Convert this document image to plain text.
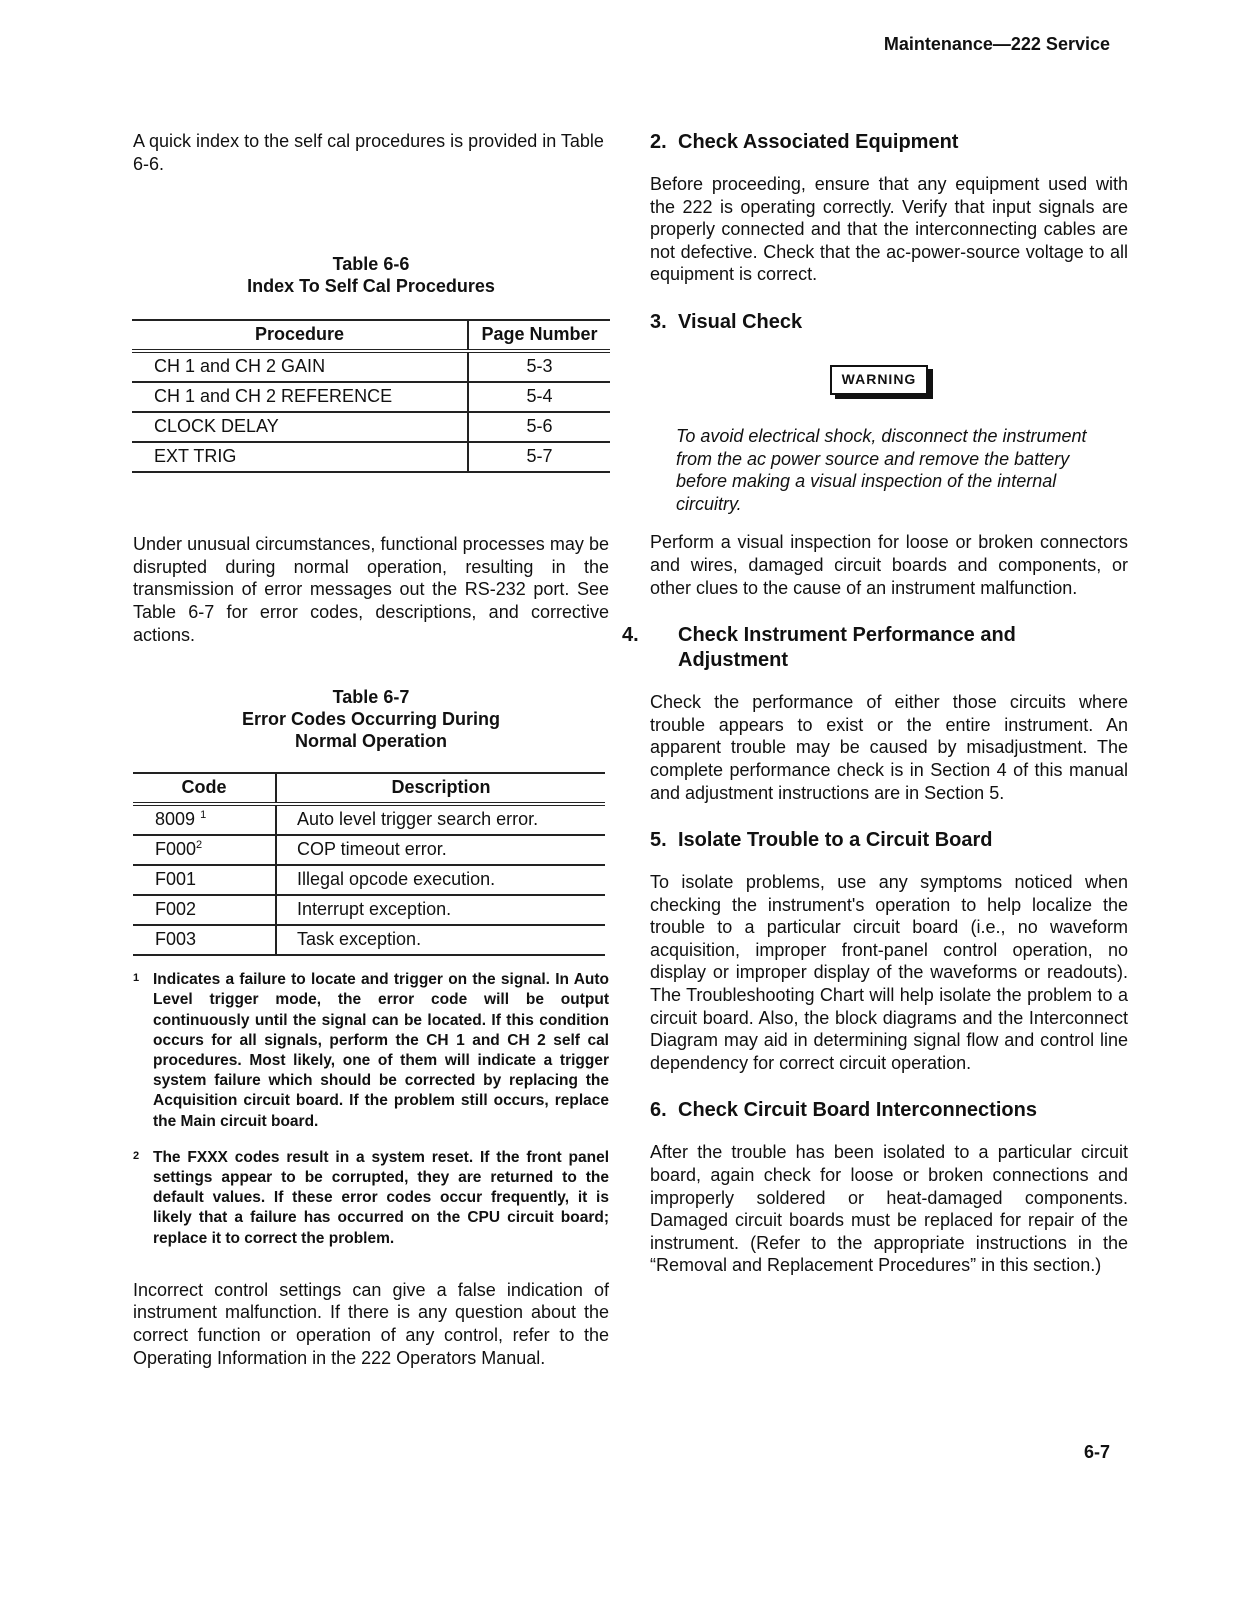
Maintenance—222 Service

A quick index to the self cal procedures is provided in Table 6-6.

Table 6-6
Index To Self Cal Procedures
Procedure	Page Number
CH 1 and CH 2 GAIN	5-3
CH 1 and CH 2 REFERENCE	5-4
CLOCK DELAY	5-6
EXT TRIG	5-7

Under unusual circumstances, functional processes may be disrupted during normal operation, resulting in the transmission of error messages out the RS-232 port. See Table 6-7 for error codes, descriptions, and corrective actions.

Table 6-7
Error Codes Occurring During
Normal Operation
Code	Description
8009 $^1$	Auto level trigger search error.
$F000^2$	COP timeout error.
F001	Illegal opcode execution.
F002	Interrupt exception.
F003	Task exception.
1 Indicates a failure to locate and trigger on the signal. In Auto Level trigger mode, the error code will be output continuously until the signal can be located. If this condition occurs for all signals, perform the CH 1 and CH 2 self cal procedures. Most likely, one of them will indicate a trigger system failure which should be corrected by replacing the Acquisition circuit board. If the problem still occurs, replace the Main circuit board.
2 The FXXX codes result in a system reset. If the front panel settings appear to be corrupted, they are returned to the default values. If these error codes occur frequently, it is likely that a failure has occurred on the CPU circuit board; replace it to correct the problem.

Incorrect control settings can give a false indication of instrument malfunction. If there is any question about the correct function or operation of any control, refer to the Operating Information in the 222 Operators Manual.

2. Check Associated Equipment

Before proceeding, ensure that any equipment used with the 222 is operating correctly. Verify that input signals are properly connected and that the interconnecting cables are not defective. Check that the ac-power-source voltage to all equipment is correct.

3. Visual Check
WARNING

To avoid electrical shock, disconnect the instrument from the ac power source and remove the battery before making a visual inspection of the internal circuitry.

Perform a visual inspection for loose or broken connectors and wires, damaged circuit boards and components, or other clues to the cause of an instrument malfunction.

4. Check Instrument Performance and
Adjustment

Check the performance of either those circuits where trouble appears to exist or the entire instrument. An apparent trouble may be caused by misadjustment. The complete performance check is in Section 4 of this manual and adjustment instructions are in Section 5.

5. Isolate Trouble to a Circuit Board

To isolate problems, use any symptoms noticed when checking the instrument's operation to help localize the trouble to a particular circuit board (i.e., no waveform acquisition, improper front-panel control operation, no display or improper display of the waveforms or readouts). The Troubleshooting Chart will help isolate the problem to a circuit board. Also, the block diagrams and the Interconnect Diagram may aid in determining signal flow and control line dependency for correct circuit operation.

6. Check Circuit Board Interconnections

After the trouble has been isolated to a particular circuit board, again check for loose or broken connections and improperly soldered or heat-damaged components. Damaged circuit boards must be replaced for repair of the instrument. (Refer to the appropriate instructions in the “Removal and Replacement Procedures” in this section.)

6-7
